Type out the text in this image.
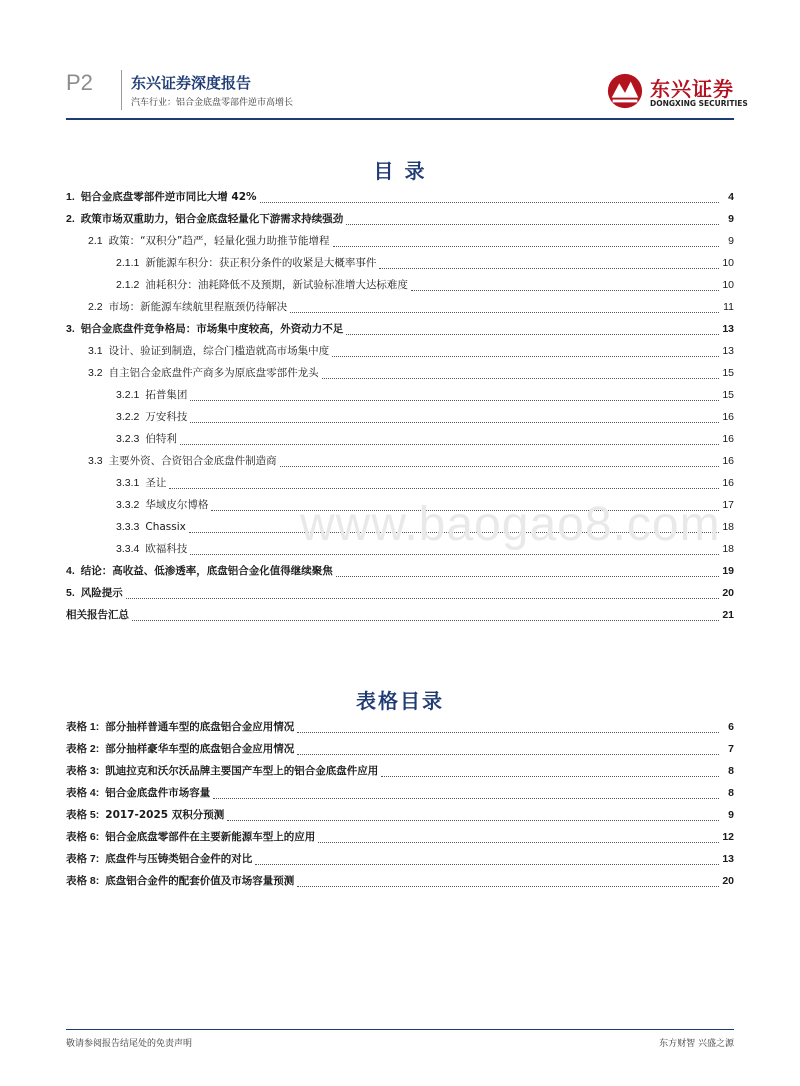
P2	东兴证券深度报告
汽车行业：铝合金底盘零部件逆市高增长
东兴证券
DONGXING SECURITIES
目 录
1. 铝合金底盘零部件逆市同比大增 42%	4
2. 政策市场双重助力，铝合金底盘轻量化下游需求持续强劲	9
2.1 政策：“双积分”趋严，轻量化强力助推节能增程	9
2.1.1 新能源车积分：获正积分条件的收紧是大概率事件	10
2.1.2 油耗积分：油耗降低不及预期，新试验标准增大达标难度	10
2.2 市场：新能源车续航里程瓶颈仍待解决	11
3. 铝合金底盘件竞争格局：市场集中度较高，外资动力不足	13
3.1 设计、验证到制造，综合门槛造就高市场集中度	13
3.2 自主铝合金底盘件产商多为原底盘零部件龙头	15
3.2.1 拓普集团	15
3.2.2 万安科技	16
3.2.3 伯特利	16
3.3 主要外资、合资铝合金底盘件制造商	16
3.3.1 圣让	16
3.3.2 华域皮尔博格	17
3.3.3 Chassix	18
3.3.4 欧福科技	18
4. 结论：高收益、低渗透率，底盘铝合金化值得继续聚焦	19
5. 风险提示	20
相关报告汇总	21
www.baogao8.com
表格目录
表格 1: 部分抽样普通车型的底盘铝合金应用情况	6
表格 2: 部分抽样豪华车型的底盘铝合金应用情况	7
表格 3: 凯迪拉克和沃尔沃品牌主要国产车型上的铝合金底盘件应用	8
表格 4: 铝合金底盘件市场容量	8
表格 5: 2017-2025 双积分预测	9
表格 6: 铝合金底盘零部件在主要新能源车型上的应用	12
表格 7: 底盘件与压铸类铝合金件的对比	13
表格 8: 底盘铝合金件的配套价值及市场容量预测	20
敬请参阅报告结尾处的免责声明	东方财智 兴盛之源
